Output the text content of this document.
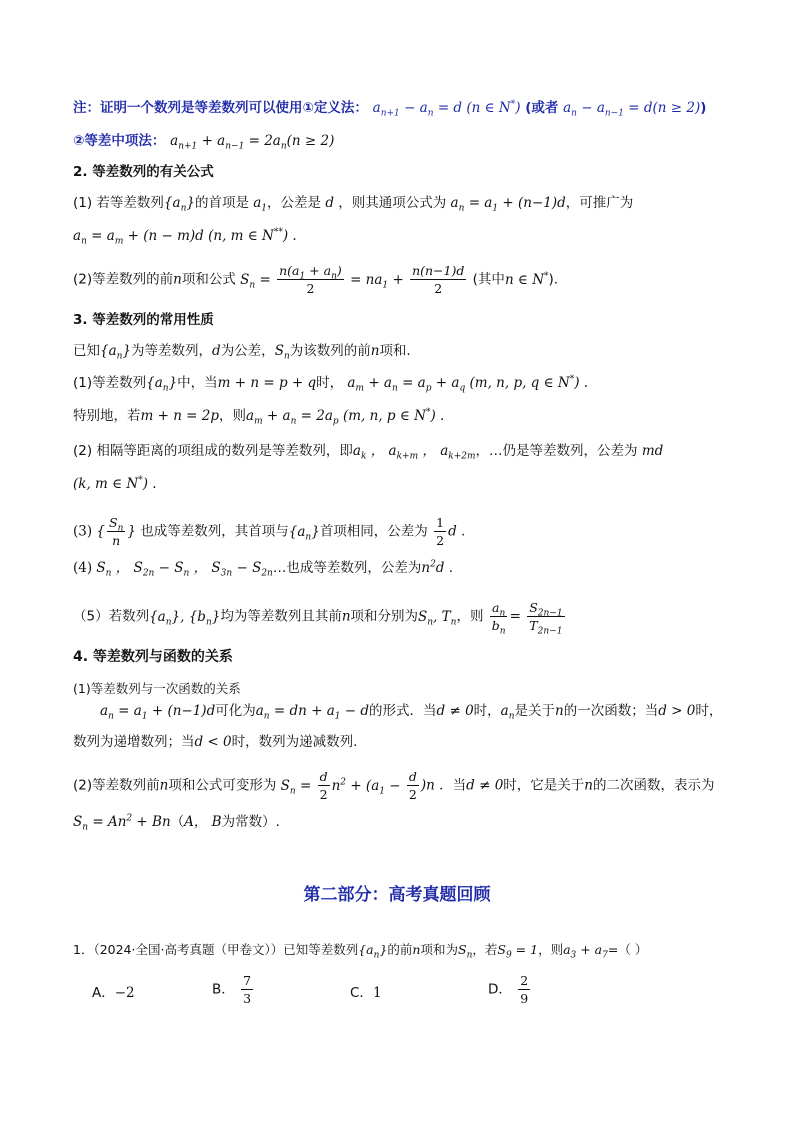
注：证明一个数列是等差数列可以使用①定义法： $a_{n+1} - a_n = d$ (n ∈ N*) (或者 $a_n - a_{n-1} = d(n \ge 2)$)
②等差中项法： $a_{n+1} + a_{n-1} = 2a_n(n \ge 2)$
2. 等差数列的有关公式
(1) 若等差数列$\{a_n\}$的首项是 $a_1$，公差是 d ，则其通项公式为 $a_n = a_1 + (n-1)d$，可推广为
$a_n = a_m + (n - m)d$ (n, m ∈ N**) .
(2)等差数列的前n项和公式 $S_n = \frac{n(a_1 + a_n)}{2} = na_1 + \frac{n(n-1)d}{2}$ (其中n ∈ N*).
3. 等差数列的常用性质
已知$\{a_n\}$为等差数列，d为公差，$S_n$为该数列的前n项和.
(1)等差数列$\{a_n\}$中，当m + n = p + q时， $a_m + a_n = a_p + a_q$ (m, n, p, q ∈ N*) .
特别地，若m + n = 2p，则$a_m + a_n = 2a_p$ (m, n, p ∈ N*) .
(2) 相隔等距离的项组成的数列是等差数列，即$a_k$ ， $a_{k+m}$ ， $a_{k+2m}$，…仍是等差数列，公差为 md
(k, m ∈ N*) .
(3) { $\frac{S_n}{n}$ } 也成等差数列，其首项与$\{a_n\}$首项相同，公差为 $\frac{1}{2}$ d .
(4) $S_n$ ， $S_{2n} - S_n$ ， $S_{3n}$ − $S_{2n}\dots$也成等差数列，公差为$n^2d$ .
（5）若数列$\{a_n\}$, $\{b_n\}$均为等差数列且其前n项和分别为$S_n$, $T_n$，则 $\frac{a_n}{b_n} = \frac{S_{2n-1}}{T_{2n-1}}$
4. 等差数列与函数的关系
(1)等差数列与一次函数的关系
$a_n = a_1 + (n-1)d$可化为$a_n$ = dn + $a_1 - d$的形式．当d ≠ 0时，$a_n$是关于n的一次函数；当d > 0时，
数列为递增数列；当d < 0时，数列为递减数列.
(2)等差数列前n项和公式可变形为 $S_n = \frac{d}{2} n^2 + (a_1 - \frac{d}{2} )n$ ．当d ≠ 0时，它是关于n的二次函数，表示为
$S_n = An^2 + Bn(A$， B为常数）.
第二部分：高考真题回顾
1．（2024·全国·高考真题（甲卷文））已知等差数列$\{a_n\}$的前n项和为$S_n$，若$S_9 = 1$，则$a_3 + a_7=$（ ）
A．−2	B． $\frac{7}{3}$	C．1	D． $\frac{2}{9}$
